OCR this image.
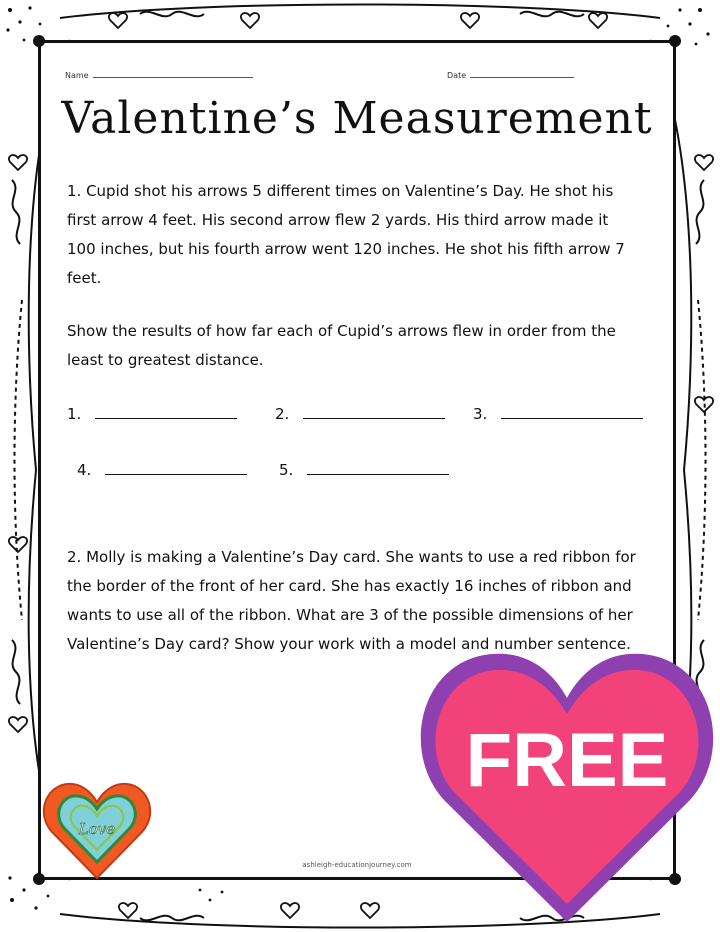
Name	Date
Valentine’s Measurement
1. Cupid shot his arrows 5 different times on Valentine’s Day. He shot his first arrow 4 feet. His second arrow flew 2 yards. His third arrow made it 100 inches, but his fourth arrow went 120 inches. He shot his fifth arrow 7 feet.
Show the results of how far each of Cupid’s arrows flew in order from the least to greatest distance.
1.	2.	3.
4.	5.
2. Molly is making a Valentine’s Day card. She wants to use a red ribbon for the border of the front of her card. She has exactly 16 inches of ribbon and wants to use all of the ribbon. What are 3 of the possible dimensions of her Valentine’s Day card? Show your work with a model and number sentence.
ashleigh-educationjourney.com
Love
FREE
